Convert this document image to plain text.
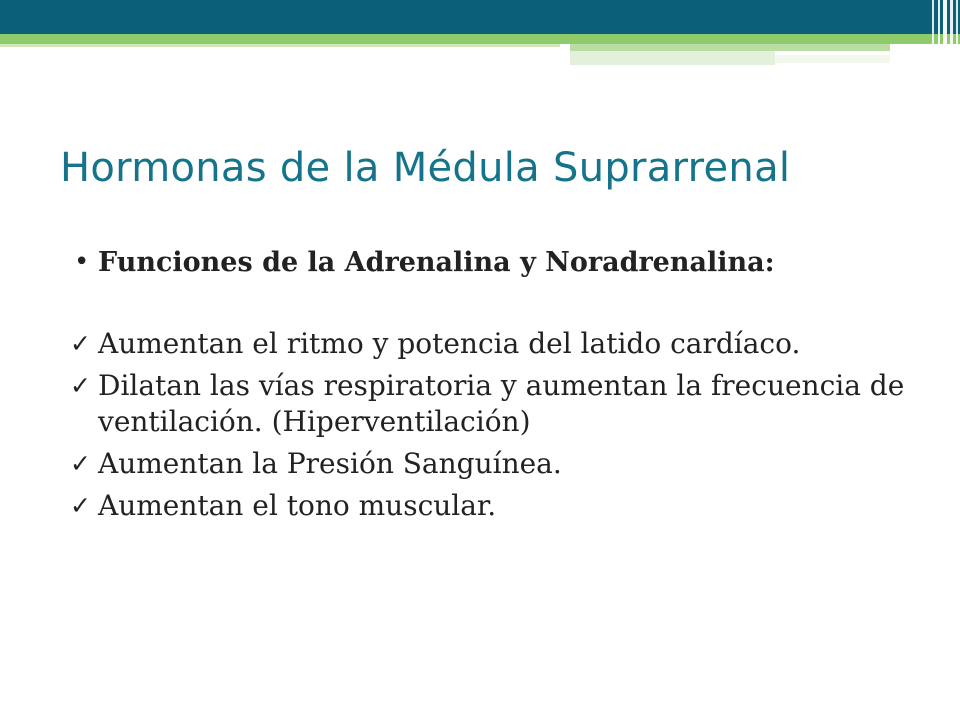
Hormonas de la Médula Suprarrenal
• Funciones de la Adrenalina y Noradrenalina:
✓ Aumentan el ritmo y potencia del latido cardíaco.
✓ Dilatan las vías respiratoria y aumentan la frecuencia de ventilación. (Hiperventilación)
✓ Aumentan la Presión Sanguínea.
✓ Aumentan el tono muscular.
